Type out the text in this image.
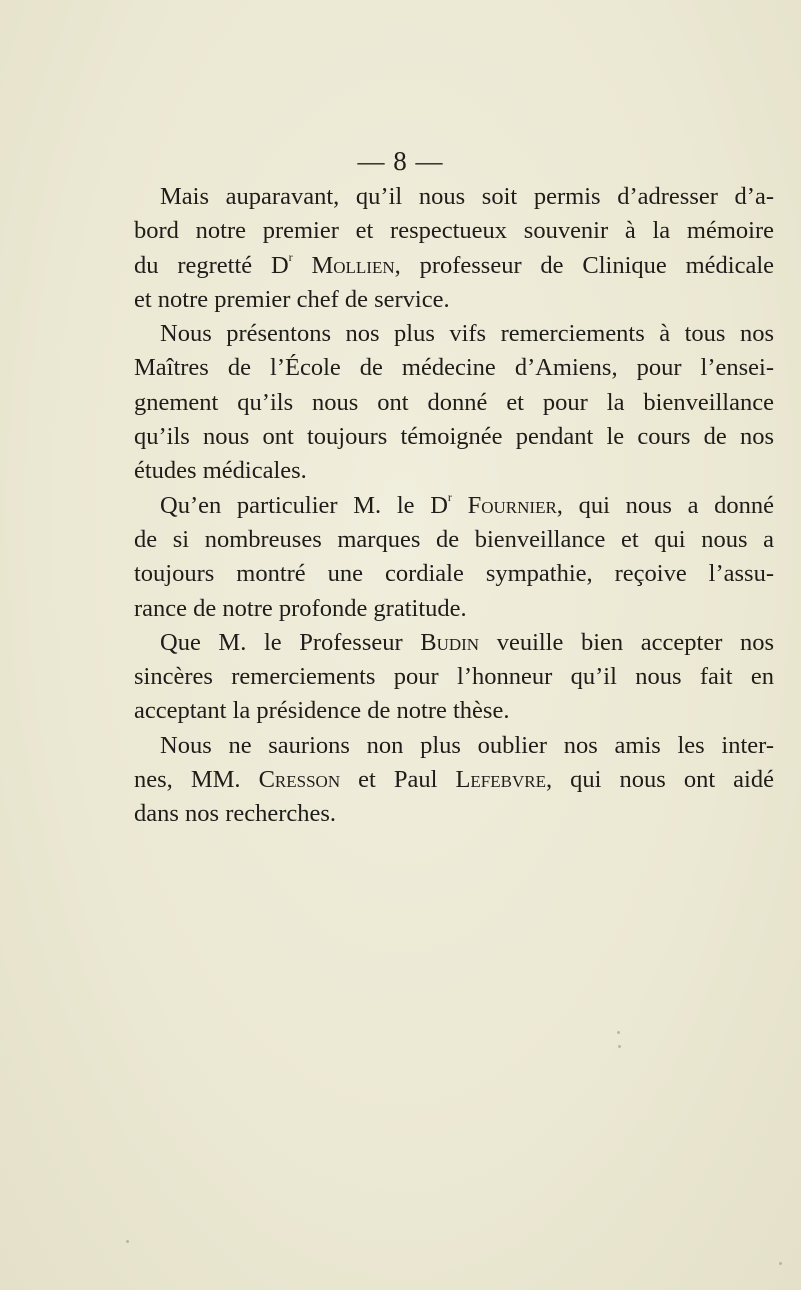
— 8 —
Mais auparavant, qu’il nous soit permis d’adresser d’a-
bord notre premier et respectueux souvenir à la mémoire
du regretté $D^r$ Mollien, professeur de Clinique médicale
et notre premier chef de service.
Nous présentons nos plus vifs remerciements à tous nos
Maîtres de l’École de médecine d’Amiens, pour l’ensei-
gnement qu’ils nous ont donné et pour la bienveillance
qu’ils nous ont toujours témoignée pendant le cours de nos
études médicales.
Qu’en particulier M. le $D^r$ Fournier, qui nous a donné
de si nombreuses marques de bienveillance et qui nous a
toujours montré une cordiale sympathie, reçoive l’assu-
rance de notre profonde gratitude.
Que M. le Professeur Budin veuille bien accepter nos
sincères remerciements pour l’honneur qu’il nous fait en
acceptant la présidence de notre thèse.
Nous ne saurions non plus oublier nos amis les inter-
nes, MM. Cresson et Paul Lefebvre, qui nous ont aidé
dans nos recherches.
